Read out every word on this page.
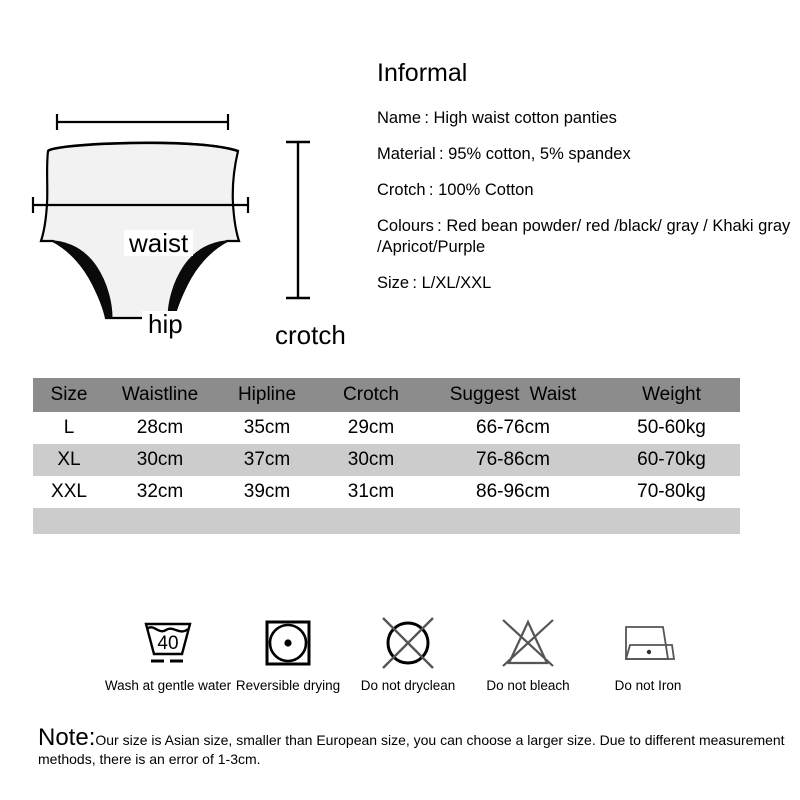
waist
hip	crotch
Informal
Name : High waist cotton panties
Material : 95% cotton, 5% spandex
Crotch : 100% Cotton
Colours : Red bean powder/ red /black/ gray / Khaki gray /Apricot/Purple
Size : L/XL/XXL
Size	Waistline	Hipline	Crotch	Suggest Waist	Weight
L	28cm	35cm	29cm	66-76cm	50-60kg
XL	30cm	37cm	30cm	76-86cm	60-70kg
XXL	32cm	39cm	31cm	86-96cm	70-80kg

40
Wash at gentle water Reversible drying Do not dryclean Do not bleach	Do not Iron
Note:Our size is Asian size, smaller than European size, you can choose a larger size. Due to different measurement methods, there is an error of 1-3cm.
